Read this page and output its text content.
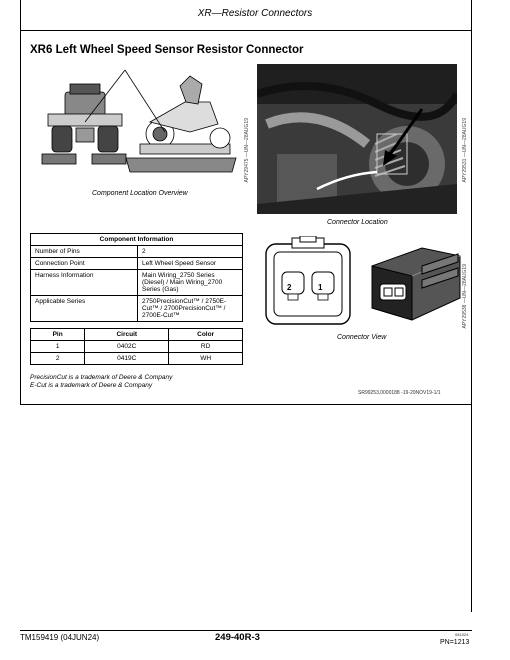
XR—Resistor Connectors
XR6 Left Wheel Speed Sensor Resistor Connector
Component Location Overview
APY29475 —UN—28AUG19
Connector Location
APY29531 —UN—28AUG19
2	1
Connector View
APY29538 —UN—28AUG19
Component Information	
Number of Pins	2
Connection Point	Left Wheel Speed Sensor
Harness Information	Main Wiring_2750 Series (Diesel) / Main Wiring_2700 Series (Gas)
Applicable Series	2750PrecisionCut™ / 2750E-Cut™ / 2700PrecisionCut™ / 2700E-Cut™
Pin	Circuit	Color
1	0402C	RD
2	0419C	WH
PrecisionCut is a trademark of Deere & Company
E-Cut is a trademark of Deere & Company
SR99253,0000188 -19-20NOV19-1/1
TM159419 (04JUN24)	249-40R-3	081524
PN=1213
